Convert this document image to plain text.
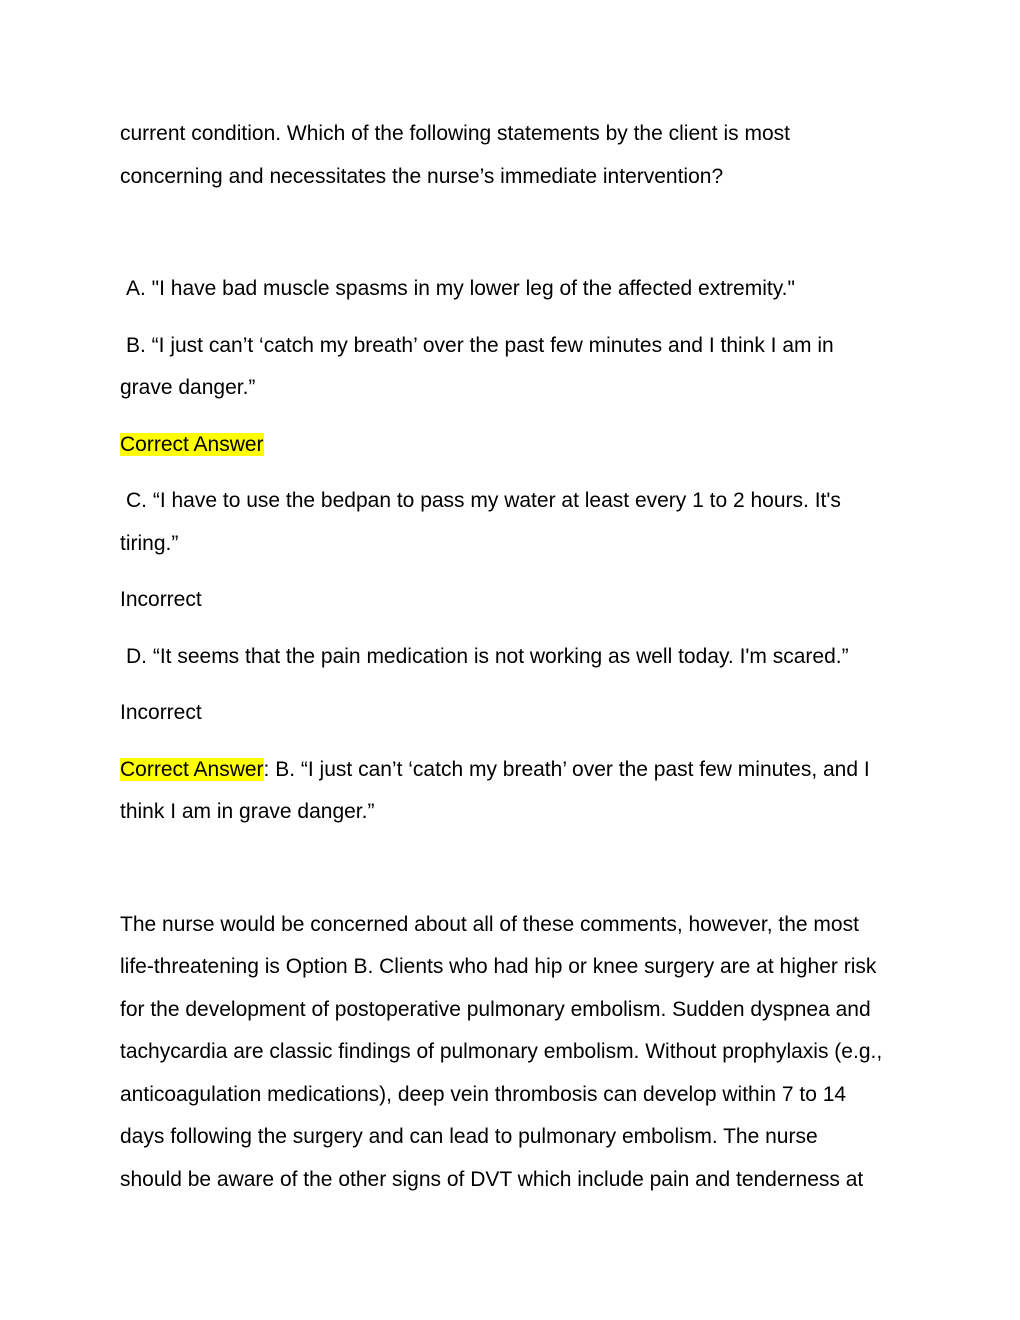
current condition. Which of the following statements by the client is most
concerning and necessitates the nurse’s immediate intervention?
A. "I have bad muscle spasms in my lower leg of the affected extremity."
B. “I just can’t ‘catch my breath’ over the past few minutes and I think I am in
grave danger.”
Correct Answer
C. “I have to use the bedpan to pass my water at least every 1 to 2 hours. It's
tiring.”
Incorrect
D. “It seems that the pain medication is not working as well today. I'm scared.”
Incorrect
Correct Answer: B. “I just can’t ‘catch my breath’ over the past few minutes, and I
think I am in grave danger.”
The nurse would be concerned about all of these comments, however, the most
life-threatening is Option B. Clients who had hip or knee surgery are at higher risk
for the development of postoperative pulmonary embolism. Sudden dyspnea and
tachycardia are classic findings of pulmonary embolism. Without prophylaxis (e.g.,
anticoagulation medications), deep vein thrombosis can develop within 7 to 14
days following the surgery and can lead to pulmonary embolism. The nurse
should be aware of the other signs of DVT which include pain and tenderness at
